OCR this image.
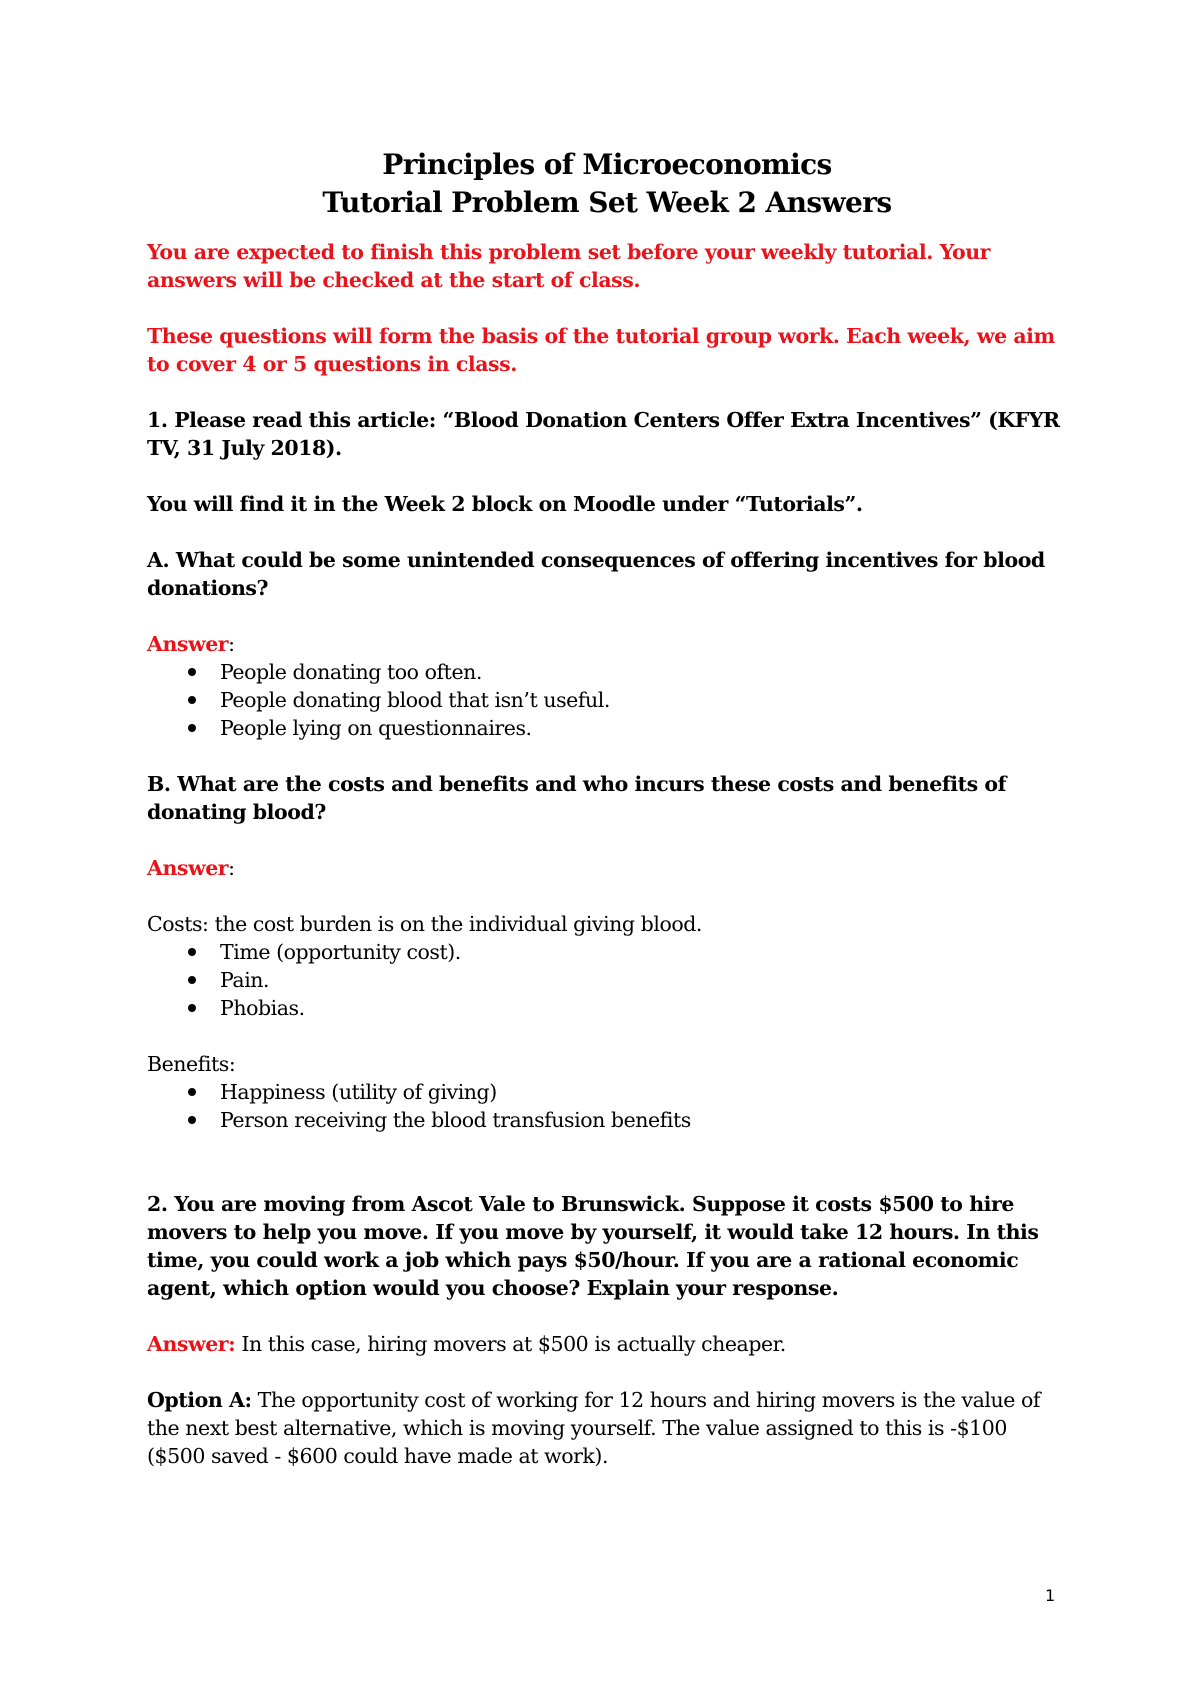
Principles of Microeconomics

Tutorial Problem Set Week 2 Answers

You are expected to finish this problem set before your weekly tutorial. Your answers will be checked at the start of class.

These questions will form the basis of the tutorial group work. Each week, we aim to cover 4 or 5 questions in class.

1. Please read this article: “Blood Donation Centers Offer Extra Incentives” (KFYR TV, 31 July 2018).

You will find it in the Week 2 block on Moodle under “Tutorials”.

A. What could be some unintended consequences of offering incentives for blood donations?

Answer:

People donating too often.
People donating blood that isn’t useful.
People lying on questionnaires.

B. What are the costs and benefits and who incurs these costs and benefits of donating blood?

Answer:

Costs: the cost burden is on the individual giving blood.

Time (opportunity cost).
Pain.
Phobias.

Benefits:

Happiness (utility of giving)
Person receiving the blood transfusion benefits

2. You are moving from Ascot Vale to Brunswick. Suppose it costs $500 to hire movers to help you move. If you move by yourself, it would take 12 hours. In this time, you could work a job which pays $50/hour. If you are a rational economic agent, which option would you choose? Explain your response.

Answer: In this case, hiring movers at $500 is actually cheaper.

Option A: The opportunity cost of working for 12 hours and hiring movers is the value of the next best alternative, which is moving yourself. The value assigned to this is -$100 ($500 saved - $600 could have made at work).

1
